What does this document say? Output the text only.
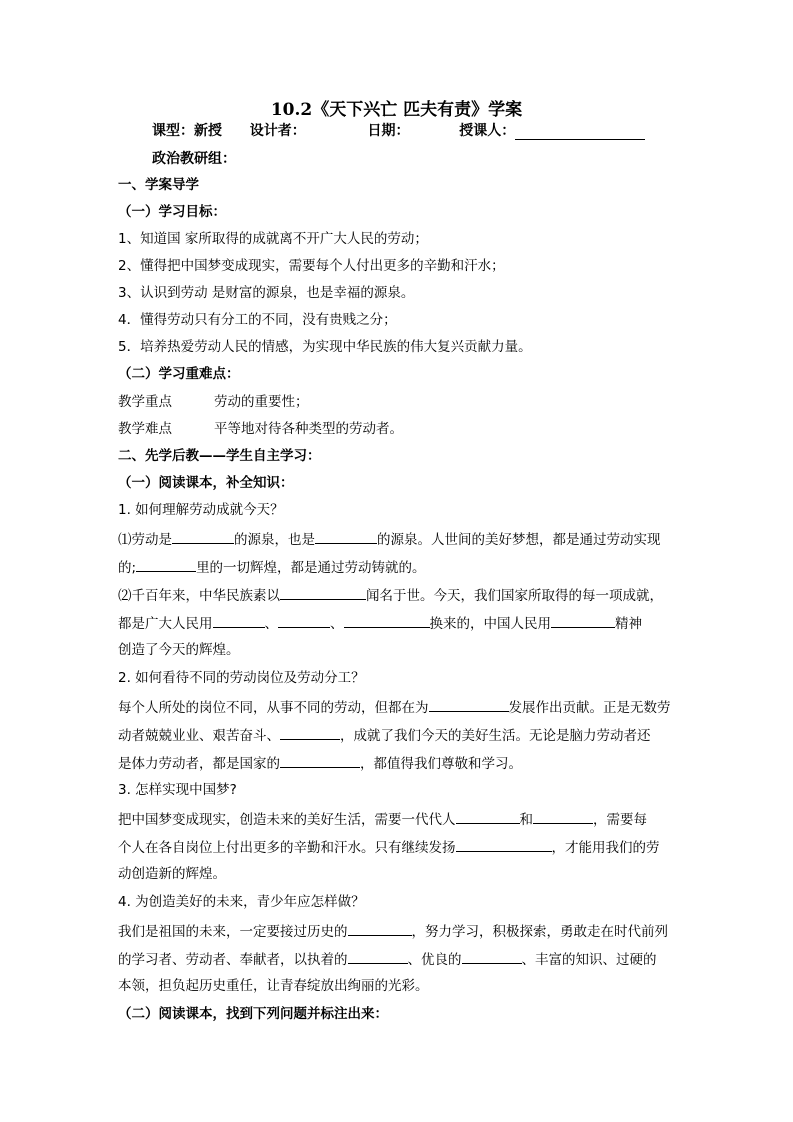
10.2《天下兴亡 匹夫有责》学案
课型：新授 设计者：	日期：	授课人：
政治教研组：
一、学案导学
（一）学习目标：
1、知道国 家所取得的成就离不开广大人民的劳动；
2、懂得把中国梦变成现实，需要每个人付出更多的辛勤和汗水；
3、认识到劳动 是财富的源泉，也是幸福的源泉。
4．懂得劳动只有分工的不同，没有贵贱之分；
5．培养热爱劳动人民的情感，为实现中华民族的伟大复兴贡献力量。
（二）学习重难点：
教学重点	劳动的重要性；
教学难点	平等地对待各种类型的劳动者。
二、先学后教——学生自主学习：
（一）阅读课本，补全知识：
1. 如何理解劳动成就今天？
⑴劳动是	的源泉，也是	的源泉。人世间的美好梦想，都是通过劳动实现
的;	里的一切辉煌，都是通过劳动铸就的。
⑵千百年来，中华民族素以	闻名于世。今天，我们国家所取得的每一项成就，
都是广大人民用	、	、	换来的，中国人民用	精神
创造了今天的辉煌。
2. 如何看待不同的劳动岗位及劳动分工？
每个人所处的岗位不同，从事不同的劳动，但都在为	发展作出贡献。正是无数劳
动者兢兢业业、艰苦奋斗、	，成就了我们今天的美好生活。无论是脑力劳动者还
是体力劳动者，都是国家的	，都值得我们尊敬和学习。
3. 怎样实现中国梦?
把中国梦变成现实，创造未来的美好生活，需要一代代人	和	，需要每
个人在各自岗位上付出更多的辛勤和汗水。只有继续发扬	，才能用我们的劳
动创造新的辉煌。
4. 为创造美好的未来，青少年应怎样做？
我们是祖国的未来，一定要接过历史的	，努力学习，积极探索，勇敢走在时代前列
的学习者、劳动者、奉献者，以执着的	、优良的	、丰富的知识、过硬的
本领，担负起历史重任，让青春绽放出绚丽的光彩。
（二）阅读课本，找到下列问题并标注出来：
